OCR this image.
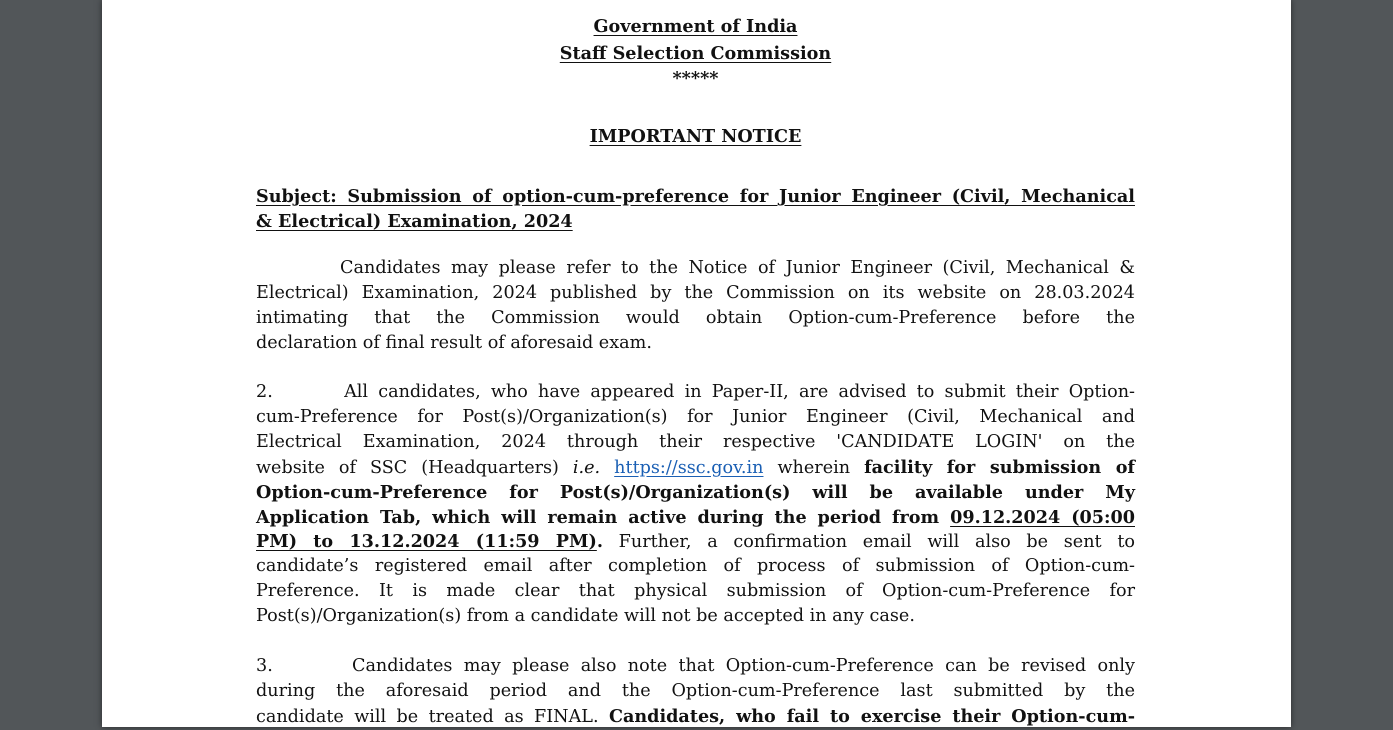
Government of India
Staff Selection Commission
*****
IMPORTANT NOTICE
Subject: Submission of option-cum-preference for Junior Engineer (Civil, Mechanical
& Electrical) Examination, 2024
Candidates may please refer to the Notice of Junior Engineer (Civil, Mechanical &
Electrical) Examination, 2024 published by the Commission on its website on 28.03.2024
intimating that the Commission would obtain Option-cum-Preference before the
declaration of final result of aforesaid exam.
2.       All candidates, who have appeared in Paper-II, are advised to submit their Option-
cum-Preference for Post(s)/Organization(s) for Junior Engineer (Civil, Mechanical and
Electrical Examination, 2024 through their respective 'CANDIDATE LOGIN' on the
website of SSC (Headquarters) i.e. https://ssc.gov.in wherein facility for submission of
Option-cum-Preference for Post(s)/Organization(s) will be available under My
Application Tab, which will remain active during the period from 09.12.2024 (05:00
PM) to 13.12.2024 (11:59 PM). Further, a confirmation email will also be sent to
candidate’s registered email after completion of process of submission of Option-cum-
Preference. It is made clear that physical submission of Option-cum-Preference for
Post(s)/Organization(s) from a candidate will not be accepted in any case.
3.       Candidates may please also note that Option-cum-Preference can be revised only
during the aforesaid period and the Option-cum-Preference last submitted by the
candidate will be treated as FINAL. Candidates, who fail to exercise their Option-cum-
